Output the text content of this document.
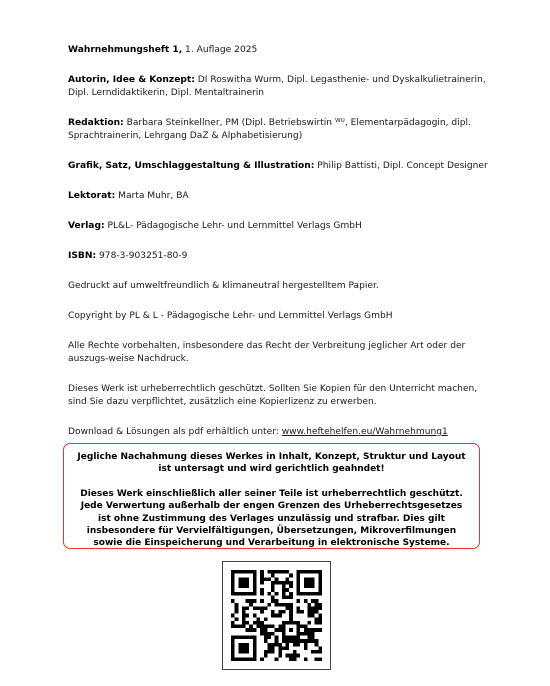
Wahrnehmungsheft 1, 1. Auflage 2025

Autorin, Idee & Konzept: DI Roswitha Wurm, Dipl. Legasthenie- und Dyskalkulietrainerin, Dipl. Lerndidaktikerin, Dipl. Mentaltrainerin

Redaktion: Barbara Steinkellner, PM (Dipl. Betriebswirtin ᵂᵁ, Elementarpädagogin, dipl. Sprachtrainerin, Lehrgang DaZ & Alphabetisierung)

Grafik, Satz, Umschlaggestaltung & Illustration: Philip Battisti, Dipl. Concept Designer

Lektorat: Marta Muhr, BA

Verlag: PL&L- Pädagogische Lehr- und Lernmittel Verlags GmbH

ISBN: 978-3-903251-80-9

Gedruckt auf umweltfreundlich & klimaneutral hergestelltem Papier.

Copyright by PL & L - Pädagogische Lehr- und Lernmittel Verlags GmbH

Alle Rechte vorbehalten, insbesondere das Recht der Verbreitung jeglicher Art oder der auszugs-weise Nachdruck.

Dieses Werk ist urheberrechtlich geschützt. Sollten Sie Kopien für den Unterricht machen, sind Sie dazu verpflichtet, zusätzlich eine Kopierlizenz zu erwerben.

Download & Lösungen als pdf erhältlich unter: www.heftehelfen.eu/Wahrnehmung1

Jegliche Nachahmung dieses Werkes in Inhalt, Konzept, Struktur und Layout
ist untersagt und wird gerichtlich geahndet!
Dieses Werk einschließlich aller seiner Teile ist urheberrechtlich geschützt. Jede Verwertung außerhalb der engen Grenzen des Urheberrechtsgesetzes ist ohne Zustimmung des Verlages unzulässig und strafbar. Dies gilt insbesondere für Vervielfältigungen, Übersetzungen, Mikroverfilmungen sowie die Einspeicherung und Verarbeitung in elektronische Systeme.
